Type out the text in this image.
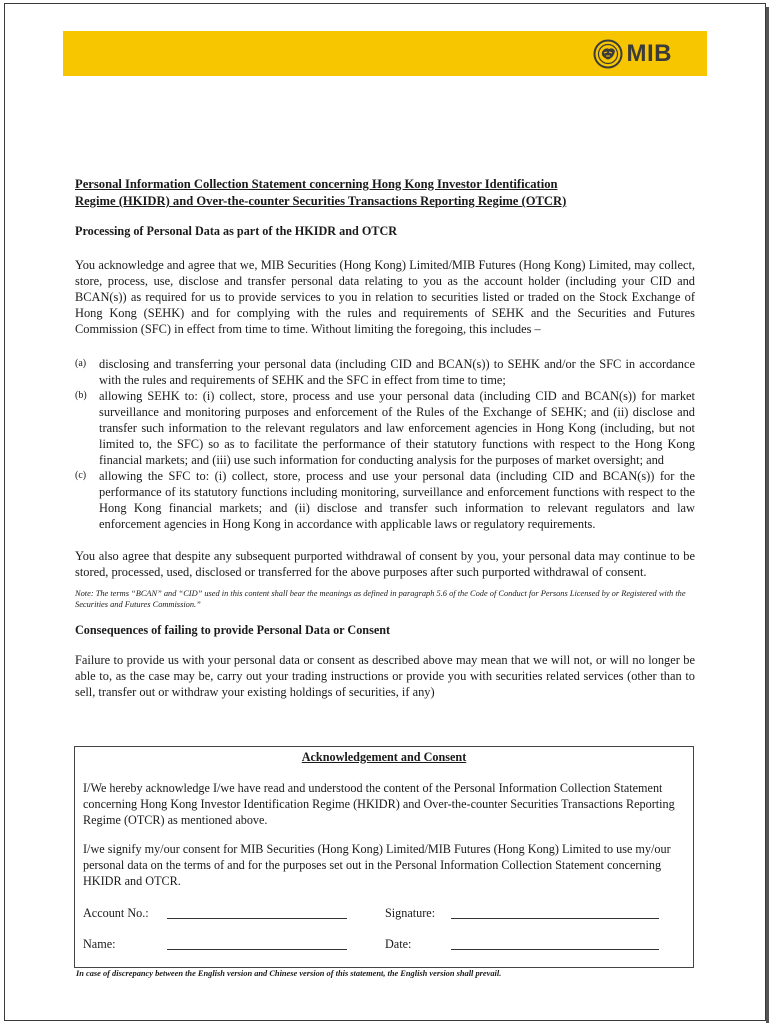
MIB

Personal Information Collection Statement concerning Hong Kong Investor Identification
Regime (HKIDR) and Over-the-counter Securities Transactions Reporting Regime (OTCR)

Processing of Personal Data as part of the HKIDR and OTCR

You acknowledge and agree that we, MIB Securities (Hong Kong) Limited/MIB Futures (Hong Kong) Limited, may collect, store, process, use, disclose and transfer personal data relating to you as the account holder (including your CID and BCAN(s)) as required for us to provide services to you in relation to securities listed or traded on the Stock Exchange of Hong Kong (SEHK) and for complying with the rules and requirements of SEHK and the Securities and Futures Commission (SFC) in effect from time to time. Without limiting the foregoing, this includes –

(a) disclosing and transferring your personal data (including CID and BCAN(s)) to SEHK and/or the SFC in accordance with the rules and requirements of SEHK and the SFC in effect from time to time;
(b) allowing SEHK to: (i) collect, store, process and use your personal data (including CID and BCAN(s)) for market surveillance and monitoring purposes and enforcement of the Rules of the Exchange of SEHK; and (ii) disclose and transfer such information to the relevant regulators and law enforcement agencies in Hong Kong (including, but not limited to, the SFC) so as to facilitate the performance of their statutory functions with respect to the Hong Kong financial markets; and (iii) use such information for conducting analysis for the purposes of market oversight; and
(c) allowing the SFC to: (i) collect, store, process and use your personal data (including CID and BCAN(s)) for the performance of its statutory functions including monitoring, surveillance and enforcement functions with respect to the Hong Kong financial markets; and (ii) disclose and transfer such information to relevant regulators and law enforcement agencies in Hong Kong in accordance with applicable laws or regulatory requirements.

You also agree that despite any subsequent purported withdrawal of consent by you, your personal data may continue to be stored, processed, used, disclosed or transferred for the above purposes after such purported withdrawal of consent.

Note: The terms “BCAN” and “CID” used in this content shall bear the meanings as defined in paragraph 5.6 of the Code of Conduct for Persons Licensed by or Registered with the Securities and Futures Commission.”

Consequences of failing to provide Personal Data or Consent

Failure to provide us with your personal data or consent as described above may mean that we will not, or will no longer be able to, as the case may be, carry out your trading instructions or provide you with securities related services (other than to sell, transfer out or withdraw your existing holdings of securities, if any)

Acknowledgement and Consent

I/We hereby acknowledge I/we have read and understood the content of the Personal Information Collection Statement concerning Hong Kong Investor Identification Regime (HKIDR) and Over-the-counter Securities Transactions Reporting Regime (OTCR) as mentioned above.

I/we signify my/our consent for MIB Securities (Hong Kong) Limited/MIB Futures (Hong Kong) Limited to use my/our personal data on the terms of and for the purposes set out in the Personal Information Collection Statement concerning HKIDR and OTCR.

Account No.:	Signature:
Name:	Date:
In case of discrepancy between the English version and Chinese version of this statement, the English version shall prevail.
